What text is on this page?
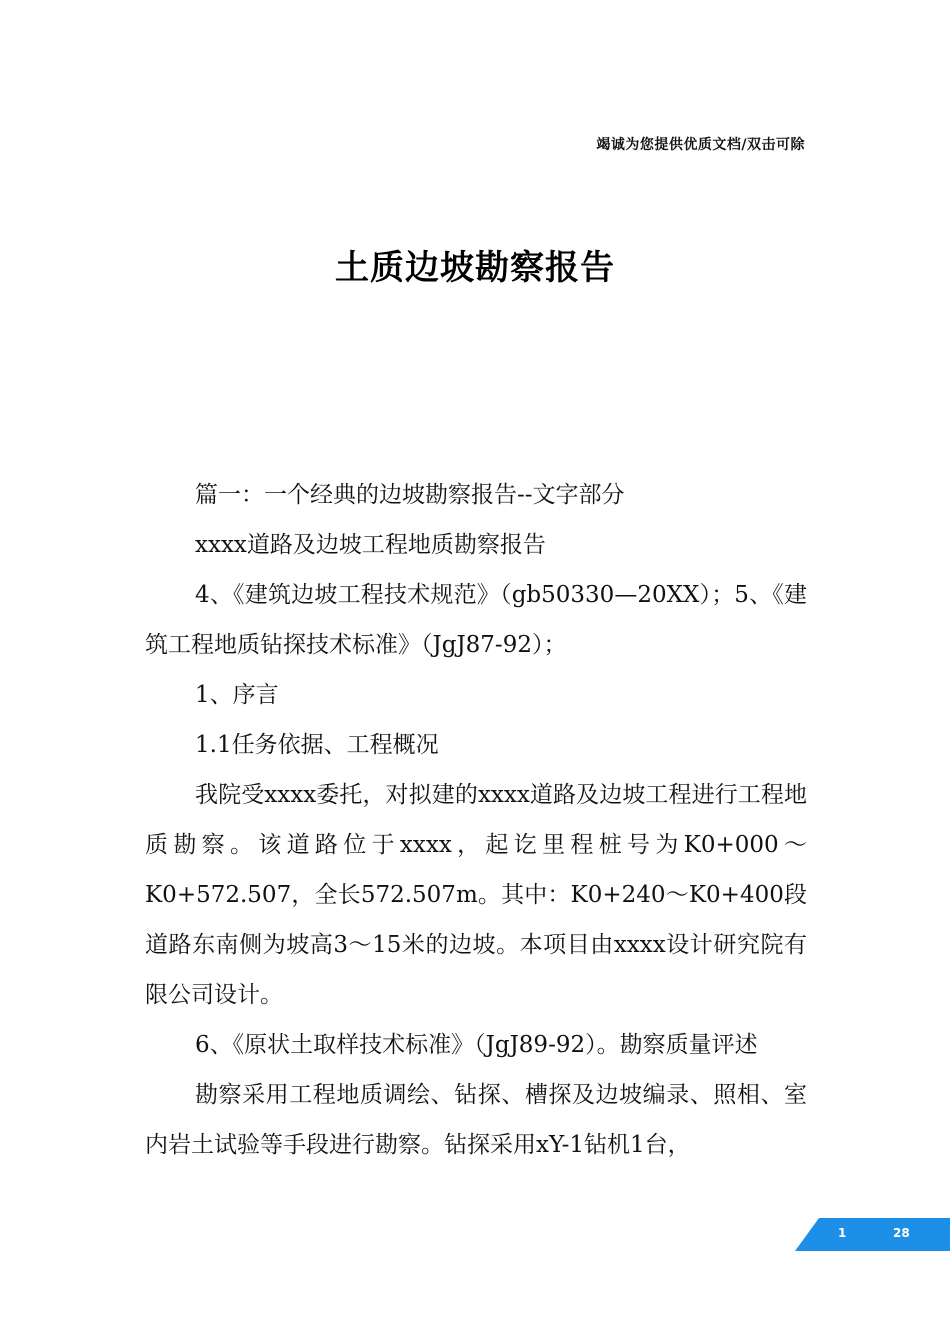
竭诚为您提供优质文档/双击可除
土质边坡勘察报告

篇一：一个经典的边坡勘察报告--文字部分

xxxx道路及边坡工程地质勘察报告

4、《建筑边坡工程技术规范》（gb50330—20XX）；5、《建筑工程地质钻探技术标准》（JgJ87-92）；

1、序言

1.1任务依据、工程概况

我院受xxxx委托，对拟建的xxxx道路及边坡工程进行工程地质勘察。该道路位于xxxx，起讫里程桩号为K0+000～K0+572.507，全长572.507m。其中：K0+240～K0+400段道路东南侧为坡高3～15米的边坡。本项目由xxxx设计研究院有限公司设计。

6、《原状土取样技术标准》（JgJ89-92）。勘察质量评述

勘察采用工程地质调绘、钻探、槽探及边坡编录、照相、室内岩土试验等手段进行勘察。钻探采用xY-1钻机1台，

1	28
